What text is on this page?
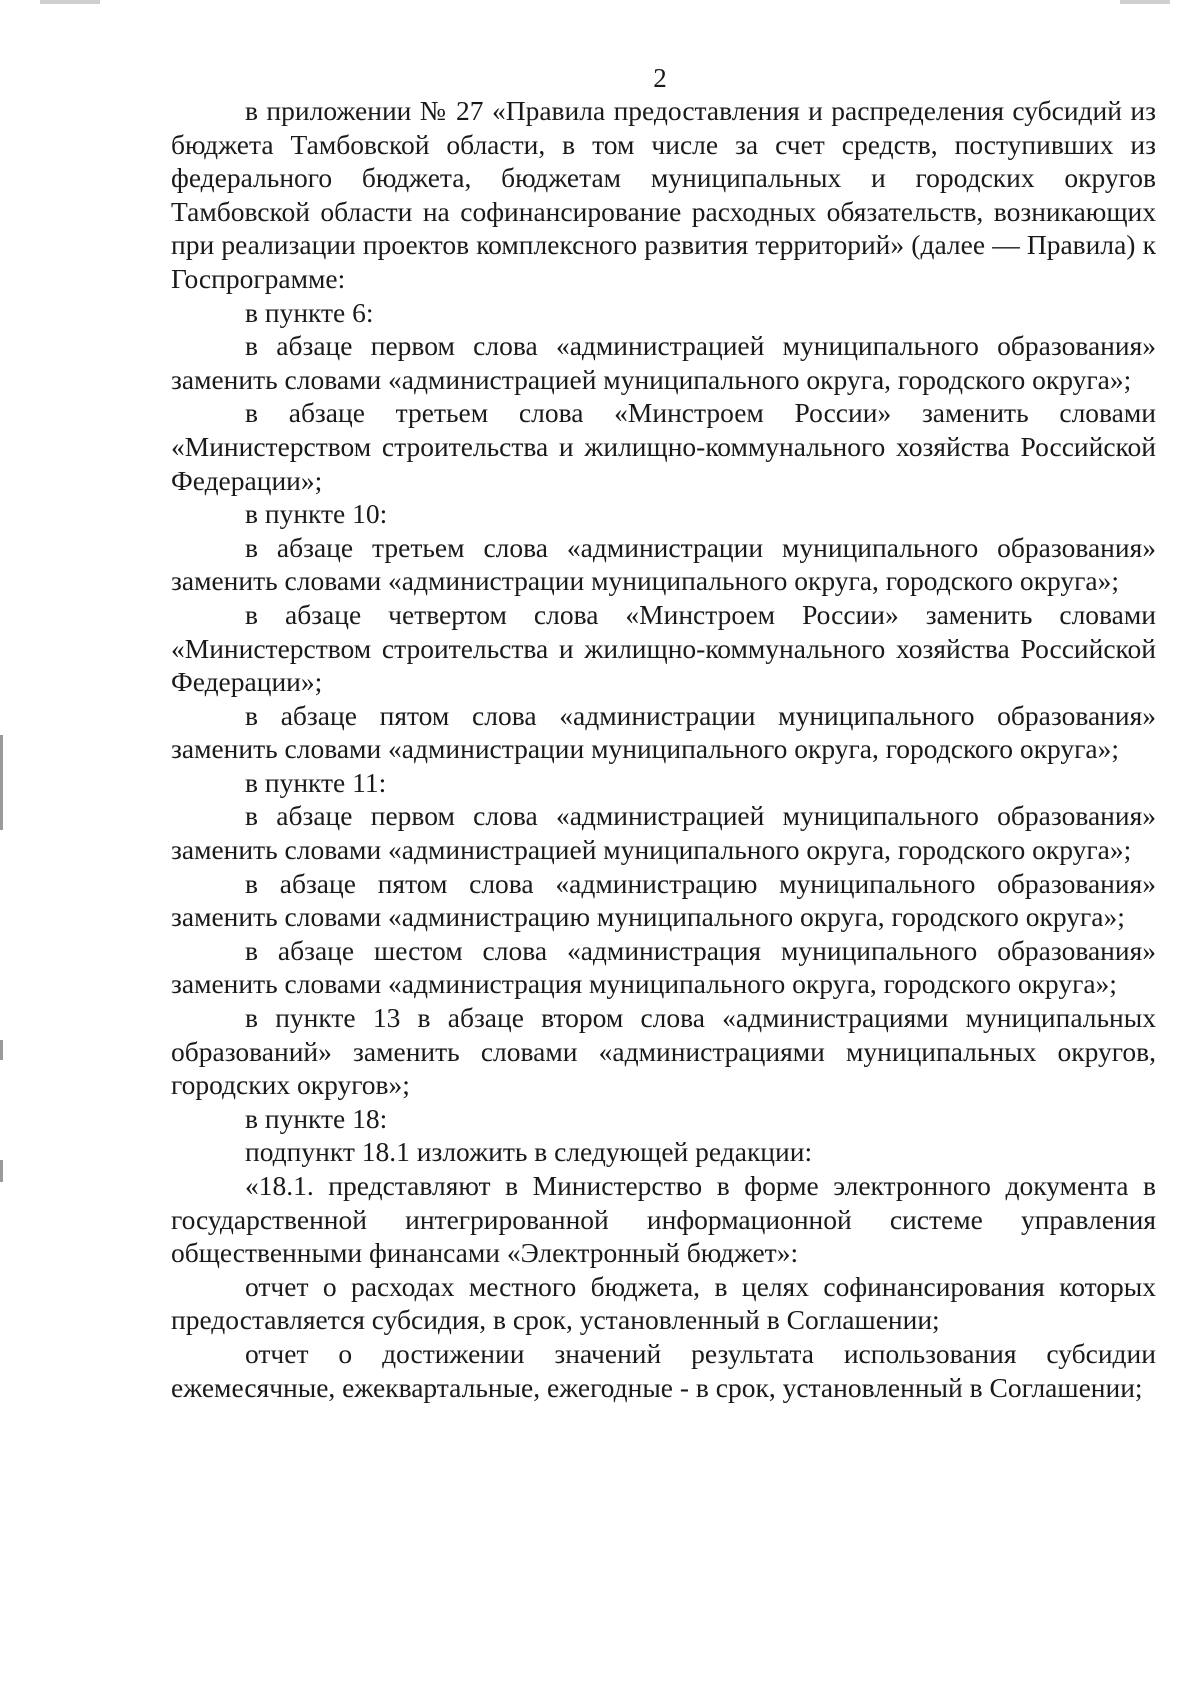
2

в приложении № 27 «Правила предоставления и распределения субсидий из бюджета Тамбовской области, в том числе за счет средств, поступивших из федерального бюджета, бюджетам муниципальных и городских округов Тамбовской области на софинансирование расходных обязательств, возникающих при реализации проектов комплексного развития территорий» (далее — Правила) к Госпрограмме:

в пункте 6:

в абзаце первом слова «администрацией муниципального образования» заменить словами «администрацией муниципального округа, городского округа»;

в абзаце третьем слова «Минстроем России» заменить словами «Министерством строительства и жилищно-коммунального хозяйства Российской Федерации»;

в пункте 10:

в абзаце третьем слова «администрации муниципального образования» заменить словами «администрации муниципального округа, городского округа»;

в абзаце четвертом слова «Минстроем России» заменить словами «Министерством строительства и жилищно-коммунального хозяйства Российской Федерации»;

в абзаце пятом слова «администрации муниципального образования» заменить словами «администрации муниципального округа, городского округа»;

в пункте 11:

в абзаце первом слова «администрацией муниципального образования» заменить словами «администрацией муниципального округа, городского округа»;

в абзаце пятом слова «администрацию муниципального образования» заменить словами «администрацию муниципального округа, городского округа»;

в абзаце шестом слова «администрация муниципального образования» заменить словами «администрация муниципального округа, городского округа»;

в пункте 13 в абзаце втором слова «администрациями муниципальных образований» заменить словами «администрациями муниципальных округов, городских округов»;

в пункте 18:

подпункт 18.1 изложить в следующей редакции:

«18.1. представляют в Министерство в форме электронного документа в государственной интегрированной информационной системе управления общественными финансами «Электронный бюджет»:

отчет о расходах местного бюджета, в целях софинансирования которых предоставляется субсидия, в срок, установленный в Соглашении;

отчет о достижении значений результата использования субсидии ежемесячные, ежеквартальные, ежегодные - в срок, установленный в Соглашении;
